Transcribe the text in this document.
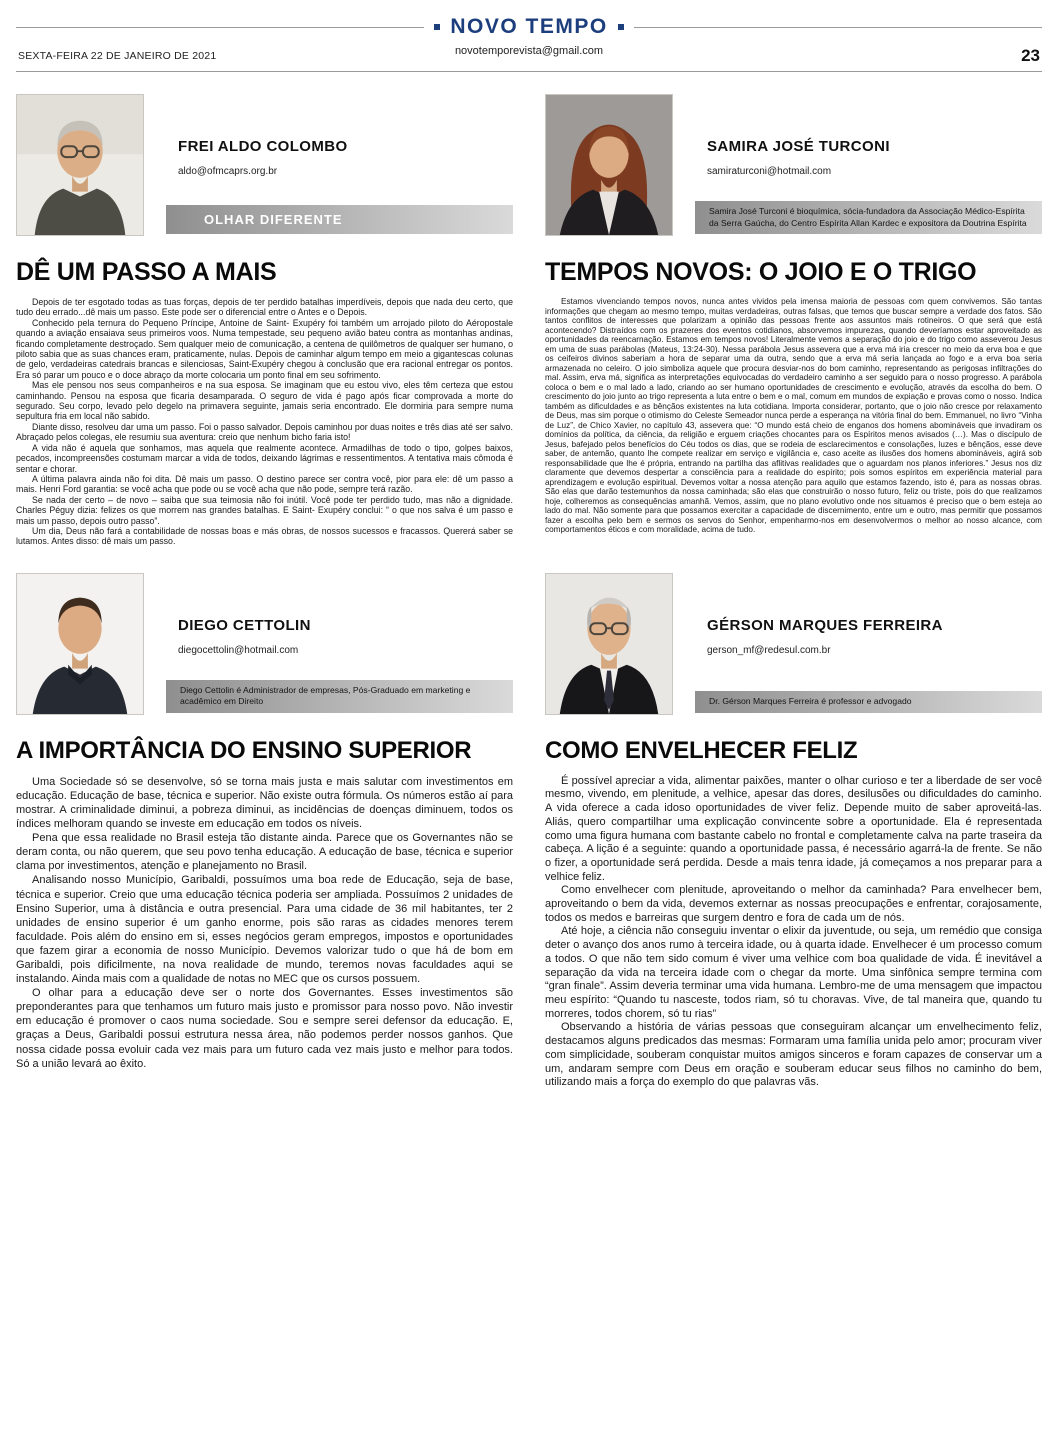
NOVO TEMPO
SEXTA-FEIRA 22 DE JANEIRO DE 2021	novotemporevista@gmail.com	23
FREI ALDO COLOMBO
aldo@ofmcaprs.org.br
OLHAR DIFERENTE
DÊ UM PASSO A MAIS

Depois de ter esgotado todas as tuas forças, depois de ter perdido batalhas imperdíveis, depois que nada deu certo, que tudo deu errado...dê mais um passo. Este pode ser o diferencial entre o Antes e o Depois.

Conhecido pela ternura do Pequeno Príncipe, Antoine de Saint- Exupéry foi também um arrojado piloto do Aéropostale quando a aviação ensaiava seus primeiros voos. Numa tempestade, seu pequeno avião bateu contra as montanhas andinas, ficando completamente destroçado. Sem qualquer meio de comunicação, a centena de quilômetros de qualquer ser humano, o piloto sabia que as suas chances eram, praticamente, nulas. Depois de caminhar algum tempo em meio a gigantescas colunas de gelo, verdadeiras catedrais brancas e silenciosas, Saint-Exupéry chegou à conclusão que era racional entregar os pontos. Era só parar um pouco e o doce abraço da morte colocaria um ponto final em seu sofrimento.

Mas ele pensou nos seus companheiros e na sua esposa. Se imaginam que eu estou vivo, eles têm certeza que estou caminhando. Pensou na esposa que ficaria desamparada. O seguro de vida é pago após ficar comprovada a morte do segurado. Seu corpo, levado pelo degelo na primavera seguinte, jamais seria encontrado. Ele dormiria para sempre numa sepultura fria em local não sabido.

Diante disso, resolveu dar uma um passo. Foi o passo salvador. Depois caminhou por duas noites e três dias até ser salvo. Abraçado pelos colegas, ele resumiu sua aventura: creio que nenhum bicho faria isto!

A vida não é aquela que sonhamos, mas aquela que realmente acontece. Armadilhas de todo o tipo, golpes baixos, pecados, incompreensões costumam marcar a vida de todos, deixando lágrimas e ressentimentos. A tentativa mais cômoda é sentar e chorar.

A última palavra ainda não foi dita. Dê mais um passo. O destino parece ser contra você, pior para ele: dê um passo a mais. Henri Ford garantia: se você acha que pode ou se você acha que não pode, sempre terá razão.

Se nada der certo – de novo – saiba que sua teimosia não foi inútil. Você pode ter perdido tudo, mas não a dignidade. Charles Péguy dizia: felizes os que morrem nas grandes batalhas. E Saint- Exupéry conclui: “ o que nos salva é um passo e mais um passo, depois outro passo”.

Um dia, Deus não fará a contabilidade de nossas boas e más obras, de nossos sucessos e fracassos. Quererá saber se lutamos. Antes disso: dê mais um passo.

SAMIRA JOSÉ TURCONI
samiraturconi@hotmail.com
Samira José Turconi é bioquímica, sócia-fundadora da Associação Médico-Espírita da Serra Gaúcha, do Centro Espírita Allan Kardec e expositora da Doutrina Espírita
TEMPOS NOVOS: O JOIO E O TRIGO

Estamos vivenciando tempos novos, nunca antes vividos pela imensa maioria de pessoas com quem convivemos. São tantas informações que chegam ao mesmo tempo, muitas verdadeiras, outras falsas, que temos que buscar sempre a verdade dos fatos. São tantos conflitos de interesses que polarizam a opinião das pessoas frente aos assuntos mais rotineiros. O que será que está acontecendo? Distraídos com os prazeres dos eventos cotidianos, absorvemos impurezas, quando deveríamos estar aproveitado as oportunidades da reencarnação. Estamos em tempos novos! Literalmente vemos a separação do joio e do trigo como asseverou Jesus em uma de suas parábolas (Mateus, 13:24-30). Nessa parábola Jesus assevera que a erva má iria crescer no meio da erva boa e que os ceifeiros divinos saberiam a hora de separar uma da outra, sendo que a erva má seria lançada ao fogo e a erva boa seria armazenada no celeiro. O joio simboliza aquele que procura desviar-nos do bom caminho, representando as perigosas infiltrações do mal. Assim, erva má, significa as interpretações equivocadas do verdadeiro caminho a ser seguido para o nosso progresso. A parábola coloca o bem e o mal lado a lado, criando ao ser humano oportunidades de crescimento e evolução, através da escolha do bem. O crescimento do joio junto ao trigo representa a luta entre o bem e o mal, comum em mundos de expiação e provas como o nosso. Indica também as dificuldades e as bênçãos existentes na luta cotidiana. Importa considerar, portanto, que o joio não cresce por relaxamento de Deus, mas sim porque o otimismo do Celeste Semeador nunca perde a esperança na vitória final do bem. Emmanuel, no livro “Vinha de Luz”, de Chico Xavier, no capítulo 43, assevera que: “O mundo está cheio de enganos dos homens abomináveis que invadiram os domínios da política, da ciência, da religião e erguem criações chocantes para os Espíritos menos avisados (…). Mas o discípulo de Jesus, bafejado pelos benefícios do Céu todos os dias, que se rodeia de esclarecimentos e consolações, luzes e bênçãos, esse deve saber, de antemão, quanto lhe compete realizar em serviço e vigilância e, caso aceite as ilusões dos homens abomináveis, agirá sob responsabilidade que lhe é própria, entrando na partilha das aflitivas realidades que o aguardam nos planos inferiores.” Jesus nos diz claramente que devemos despertar a consciência para a realidade do espírito; pois somos espíritos em experiência material para aprendizagem e evolução espiritual. Devemos voltar a nossa atenção para aquilo que estamos fazendo, isto é, para as nossas obras. São elas que darão testemunhos da nossa caminhada; são elas que construirão o nosso futuro, feliz ou triste, pois do que realizamos hoje, colheremos as consequências amanhã. Vemos, assim, que no plano evolutivo onde nos situamos é preciso que o bem esteja ao lado do mal. Não somente para que possamos exercitar a capacidade de discernimento, entre um e outro, mas permitir que possamos fazer a escolha pelo bem e sermos os servos do Senhor, empenharmo-nos em desenvolvermos o melhor ao nosso alcance, com comportamentos éticos e com moralidade, acima de tudo.

DIEGO CETTOLIN
diegocettolin@hotmail.com
Diego Cettolin é Administrador de empresas, Pós-Graduado em marketing e acadêmico em Direito
A IMPORTÂNCIA DO ENSINO SUPERIOR

Uma Sociedade só se desenvolve, só se torna mais justa e mais salutar com investimentos em educação. Educação de base, técnica e superior. Não existe outra fórmula. Os números estão aí para mostrar. A criminalidade diminui, a pobreza diminui, as incidências de doenças diminuem, todos os índices melhoram quando se investe em educação em todos os níveis.

Pena que essa realidade no Brasil esteja tão distante ainda. Parece que os Governantes não se deram conta, ou não querem, que seu povo tenha educação. A educação de base, técnica e superior clama por investimentos, atenção e planejamento no Brasil.

Analisando nosso Município, Garibaldi, possuímos uma boa rede de Educação, seja de base, técnica e superior. Creio que uma educação técnica poderia ser ampliada. Possuímos 2 unidades de Ensino Superior, uma à distância e outra presencial. Para uma cidade de 36 mil habitantes, ter 2 unidades de ensino superior é um ganho enorme, pois são raras as cidades menores terem faculdade. Pois além do ensino em si, esses negócios geram empregos, impostos e oportunidades que fazem girar a economia de nosso Município. Devemos valorizar tudo o que há de bom em Garibaldi, pois dificilmente, na nova realidade de mundo, teremos novas faculdades aqui se instalando. Ainda mais com a qualidade de notas no MEC que os cursos possuem.

O olhar para a educação deve ser o norte dos Governantes. Esses investimentos são preponderantes para que tenhamos um futuro mais justo e promissor para nosso povo. Não investir em educação é promover o caos numa sociedade. Sou e sempre serei defensor da educação. E, graças a Deus, Garibaldi possui estrutura nessa área, não podemos perder nossos ganhos. Que nossa cidade possa evoluir cada vez mais para um futuro cada vez mais justo e melhor para todos. Só a união levará ao êxito.

GÉRSON MARQUES FERREIRA
gerson_mf@redesul.com.br
Dr. Gérson Marques Ferreira é professor e advogado
COMO ENVELHECER FELIZ

É possível apreciar a vida, alimentar paixões, manter o olhar curioso e ter a liberdade de ser você mesmo, vivendo, em plenitude, a velhice, apesar das dores, desilusões ou dificuldades do caminho. A vida oferece a cada idoso oportunidades de viver feliz. Depende muito de saber aproveitá-las. Aliás, quero compartilhar uma explicação convincente sobre a oportunidade. Ela é representada como uma figura humana com bastante cabelo no frontal e completamente calva na parte traseira da cabeça. A lição é a seguinte: quando a oportunidade passa, é necessário agarrá-la de frente. Se não o fizer, a oportunidade será perdida. Desde a mais tenra idade, já começamos a nos preparar para a velhice feliz.

Como envelhecer com plenitude, aproveitando o melhor da caminhada? Para envelhecer bem, aproveitando o bem da vida, devemos externar as nossas preocupações e enfrentar, corajosamente, todos os medos e barreiras que surgem dentro e fora de cada um de nós.

Até hoje, a ciência não conseguiu inventar o elixir da juventude, ou seja, um remédio que consiga deter o avanço dos anos rumo à terceira idade, ou à quarta idade. Envelhecer é um processo comum a todos. O que não tem sido comum é viver uma velhice com boa qualidade de vida. É inevitável a separação da vida na terceira idade com o chegar da morte. Uma sinfônica sempre termina com “gran finale”. Assim deveria terminar uma vida humana. Lembro-me de uma mensagem que impactou meu espírito: “Quando tu nasceste, todos riam, só tu choravas. Vive, de tal maneira que, quando tu morreres, todos chorem, só tu rias”

Observando a história de várias pessoas que conseguiram alcançar um envelhecimento feliz, destacamos alguns predicados das mesmas: Formaram uma família unida pelo amor; procuram viver com simplicidade, souberam conquistar muitos amigos sinceros e foram capazes de conservar um a um, andaram sempre com Deus em oração e souberam educar seus filhos no caminho do bem, utilizando mais a força do exemplo do que palavras vãs.
